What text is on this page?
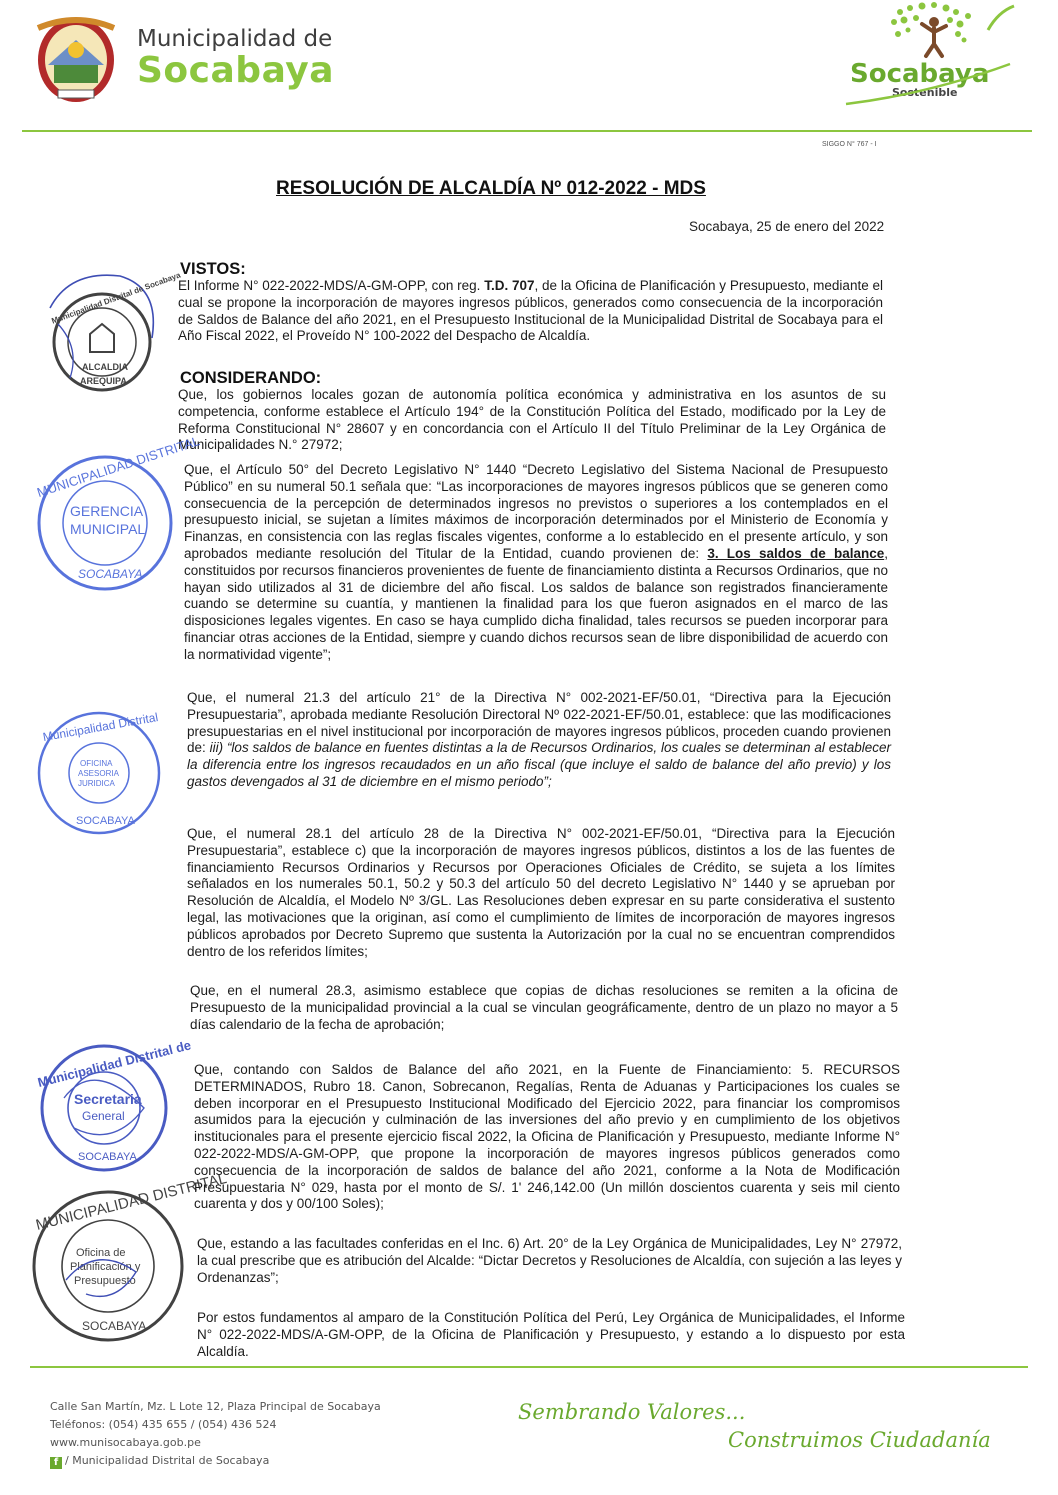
Municipalidad de
Socabaya	Socabaya
Sostenible
SIGGO N° 767 - I
RESOLUCIÓN DE ALCALDÍA Nº 012-2022 - MDS
Socabaya, 25 de enero del 2022
VISTOS:
El Informe N° 022-2022-MDS/A-GM-OPP, con reg. T.D. 707, de la Oficina de Planificación y Presupuesto, mediante el cual se propone la incorporación de mayores ingresos públicos, generados como consecuencia de la incorporación de Saldos de Balance del año 2021, en el Presupuesto Institucional de la Municipalidad Distrital de Socabaya para el Año Fiscal 2022, el Proveído N° 100-2022 del Despacho de Alcaldía.
CONSIDERANDO:
Que, los gobiernos locales gozan de autonomía política económica y administrativa en los asuntos de su competencia, conforme establece el Artículo 194° de la Constitución Política del Estado, modificado por la Ley de Reforma Constitucional N° 28607 y en concordancia con el Artículo II del Título Preliminar de la Ley Orgánica de Municipalidades N.° 27972;
Que, el Artículo 50° del Decreto Legislativo N° 1440 “Decreto Legislativo del Sistema Nacional de Presupuesto Público” en su numeral 50.1 señala que: “Las incorporaciones de mayores ingresos públicos que se generen como consecuencia de la percepción de determinados ingresos no previstos o superiores a los contemplados en el presupuesto inicial, se sujetan a límites máximos de incorporación determinados por el Ministerio de Economía y Finanzas, en consistencia con las reglas fiscales vigentes, conforme a lo establecido en el presente artículo, y son aprobados mediante resolución del Titular de la Entidad, cuando provienen de: 3. Los saldos de balance, constituidos por recursos financieros provenientes de fuente de financiamiento distinta a Recursos Ordinarios, que no hayan sido utilizados al 31 de diciembre del año fiscal. Los saldos de balance son registrados financieramente cuando se determine su cuantía, y mantienen la finalidad para los que fueron asignados en el marco de las disposiciones legales vigentes. En caso se haya cumplido dicha finalidad, tales recursos se pueden incorporar para financiar otras acciones de la Entidad, siempre y cuando dichos recursos sean de libre disponibilidad de acuerdo con la normatividad vigente”;
Que, el numeral 21.3 del artículo 21° de la Directiva N° 002-2021-EF/50.01, “Directiva para la Ejecución Presupuestaria”, aprobada mediante Resolución Directoral Nº 022-2021-EF/50.01, establece: que las modificaciones presupuestarias en el nivel institucional por incorporación de mayores ingresos públicos, proceden cuando provienen de: iii) “los saldos de balance en fuentes distintas a la de Recursos Ordinarios, los cuales se determinan al establecer la diferencia entre los ingresos recaudados en un año fiscal (que incluye el saldo de balance del año previo) y los gastos devengados al 31 de diciembre en el mismo periodo”;
Que, el numeral 28.1 del artículo 28 de la Directiva N° 002-2021-EF/50.01, “Directiva para la Ejecución Presupuestaria”, establece c) que la incorporación de mayores ingresos públicos, distintos a los de las fuentes de financiamiento Recursos Ordinarios y Recursos por Operaciones Oficiales de Crédito, se sujeta a los límites señalados en los numerales 50.1, 50.2 y 50.3 del artículo 50 del decreto Legislativo N° 1440 y se aprueban por Resolución de Alcaldía, el Modelo Nº 3/GL. Las Resoluciones deben expresar en su parte considerativa el sustento legal, las motivaciones que la originan, así como el cumplimiento de límites de incorporación de mayores ingresos públicos aprobados por Decreto Supremo que sustenta la Autorización por la cual no se encuentran comprendidos dentro de los referidos límites;
Que, en el numeral 28.3, asimismo establece que copias de dichas resoluciones se remiten a la oficina de Presupuesto de la municipalidad provincial a la cual se vinculan geográficamente, dentro de un plazo no mayor a 5 días calendario de la fecha de aprobación;
Que, contando con Saldos de Balance del año 2021, en la Fuente de Financiamiento: 5. RECURSOS DETERMINADOS, Rubro 18. Canon, Sobrecanon, Regalías, Renta de Aduanas y Participaciones los cuales se deben incorporar en el Presupuesto Institucional Modificado del Ejercicio 2022, para financiar los compromisos asumidos para la ejecución y culminación de las inversiones del año previo y en cumplimiento de los objetivos institucionales para el presente ejercicio fiscal 2022, la Oficina de Planificación y Presupuesto, mediante Informe N° 022-2022-MDS/A-GM-OPP, que propone la incorporación de mayores ingresos públicos generados como consecuencia de la incorporación de saldos de balance del año 2021, conforme a la Nota de Modificación Presupuestaria N° 029, hasta por el monto de S/. 1' 246,142.00 (Un millón doscientos cuarenta y seis mil ciento cuarenta y dos y 00/100 Soles);
Que, estando a las facultades conferidas en el Inc. 6) Art. 20° de la Ley Orgánica de Municipalidades, Ley N° 27972, la cual prescribe que es atribución del Alcalde: “Dictar Decretos y Resoluciones de Alcaldía, con sujeción a las leyes y Ordenanzas”;
Por estos fundamentos al amparo de la Constitución Política del Perú, Ley Orgánica de Municipalidades, el Informe N° 022-2022-MDS/A-GM-OPP, de la Oficina de Planificación y Presupuesto, y estando a lo dispuesto por esta Alcaldía.
Municipalidad Distrital de Socabaya
ALCALDIA
AREQUIPA
MUNICIPALIDAD DISTRITAL
GERENCIA
MUNICIPAL
SOCABAYA
Municipalidad Distrital
OFICINA
ASESORIA
JURIDICA
SOCABAYA
Municipalidad Distrital de
Secretaria
General
SOCABAYA
MUNICIPALIDAD DISTRITAL
Oficina de
Planificación y
Presupuesto
SOCABAYA
Calle San Martín, Mz. L Lote 12, Plaza Principal de Socabaya
Teléfonos: (054) 435 655 / (054) 436 524
www.munisocabaya.gob.pe
f / Municipalidad Distrital de Socabaya
Sembrando Valores...
Construimos Ciudadanía
